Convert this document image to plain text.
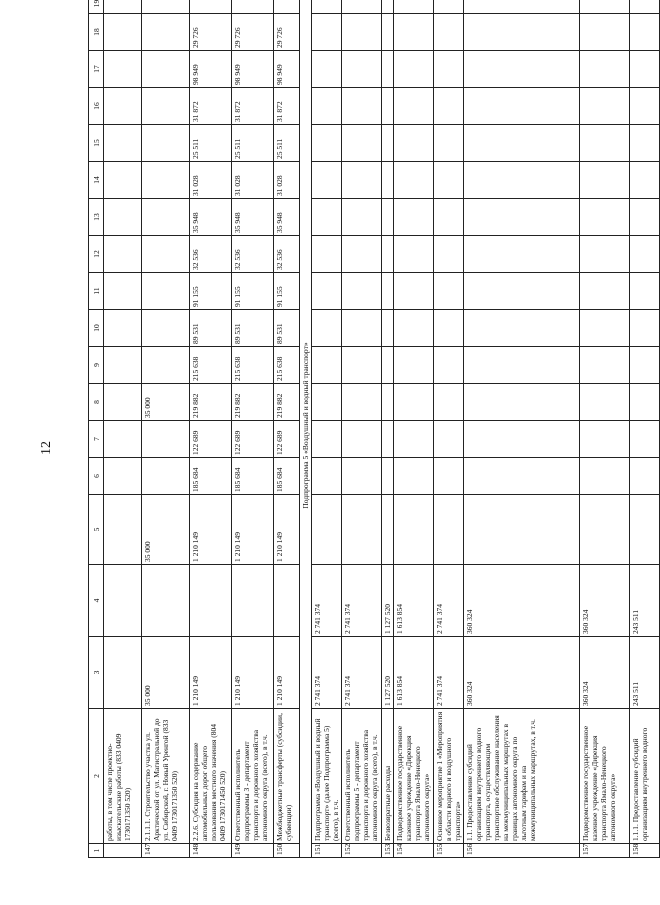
12
1	2	3	4	5	6	7	8	9	10	11	12	13	14	15	16	17	18	19
	работы, в том числе проектно-изыскательские работы (833 0409 1730171350 520)																	
147	2.1.1.1. Строительство участка ул. Арктической от ул. Магистральной до ул. Сибирской, г. Новый Уренгой (833 0409 1730171350 520)	35 000		35 000			35 000											
148	2.2.6. Субсидия на содержание автомобильных дорог общего пользования местного значения (804 0409 1730171450 520)	1 210 149		1 210 149	185 684	122 689	219 882	215 638	89 531	91 155	32 536	35 948	31 028	25 511	31 872	98 949	29 726	
149	Ответственный исполнитель подпрограммы 3 - департамент транспорта и дорожного хозяйства автономного округа (всего), в т.ч.	1 210 149		1 210 149	185 684	122 689	219 882	215 638	89 531	91 155	32 536	35 948	31 028	25 511	31 872	98 949	29 726	
150	Межбюджетные трансферты (субсидии, субвенции)	1 210 149		1 210 149	185 684	122 689	219 882	215 638	89 531	91 155	32 536	35 948	31 028	25 511	31 872	98 949	29 726	
Подпрограмма 5 «Воздушный и водный транспорт»																		
151	Подпрограмма «Воздушный и водный транспорт» (далее Подпрограмма 5) (всего), в т.ч.	2 741 374	2 741 374															
152	Ответственный исполнитель подпрограммы 5 - департамент транспорта и дорожного хозяйства автономного округа (всего), в т.ч.	2 741 374	2 741 374															
153	Безвозвратные расходы	1 127 520	1 127 520															
154	Подведомственное государственное казенное учреждение «Дирекция транспорта Ямало-Ненецкого автономного округа»	1 613 854	1 613 854															
155	Основное мероприятие 1 «Мероприятия в области водного и воздушного транспорта»	2 741 374	2 741 374															
156	1.1. Предоставление субсидий организациям внутреннего водного транспорта, осуществляющим транспортное обслуживание населения на межмуниципальных маршрутах в границах автономного округа по льготным тарифам и на межмуниципальных маршрутах, в т.ч.	360 324	360 324															
157	Подведомственное государственное казенное учреждение «Дирекция транспорта Ямало-Ненецкого автономного округа»	360 324	360 324															
158	1.1.1. Предоставление субсидий организациям внутреннего водного	243 511	243 511															
